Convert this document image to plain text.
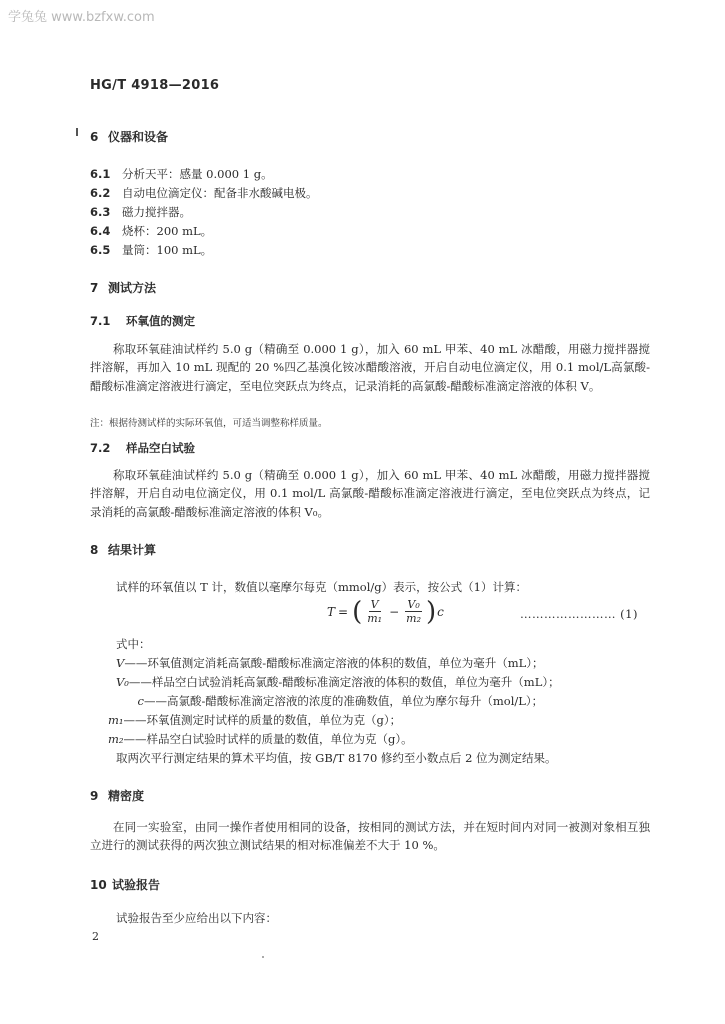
学兔兔 www.bzfxw.com
HG/T 4918—2016
6 仪器和设备
6.1 分析天平：感量 0.000 1 g。
6.2 自动电位滴定仪：配备非水酸碱电极。
6.3 磁力搅拌器。
6.4 烧杯：200 mL。
6.5 量筒：100 mL。
7 测试方法
7.1 环氧值的测定
称取环氧硅油试样约 5.0 g（精确至 0.000 1 g），加入 60 mL 甲苯、40 mL 冰醋酸，用磁力搅拌器搅拌溶解，再加入 10 mL 现配的 20 %四乙基溴化铵冰醋酸溶液，开启自动电位滴定仪，用 0.1 mol/L高氯酸-醋酸标准滴定溶液进行滴定，至电位突跃点为终点，记录消耗的高氯酸-醋酸标准滴定溶液的体积 V。
注：根据待测试样的实际环氧值，可适当调整称样质量。
7.2 样品空白试验
称取环氧硅油试样约 5.0 g（精确至 0.000 1 g），加入 60 mL 甲苯、40 mL 冰醋酸，用磁力搅拌器搅拌溶解，开启自动电位滴定仪，用 0.1 mol/L 高氯酸-醋酸标准滴定溶液进行滴定，至电位突跃点为终点，记录消耗的高氯酸-醋酸标准滴定溶液的体积 V₀。
8 结果计算
试样的环氧值以 T 计，数值以毫摩尔每克（mmol/g）表示，按公式（1）计算：
T = ( $\frac{V}{\text{m₁}} - \frac{\text{V₀}}{\text{m₂}}$ ) c	…………………… (1)
式中：
V——环氧值测定消耗高氯酸-醋酸标准滴定溶液的体积的数值，单位为毫升（mL）；
V₀——样品空白试验消耗高氯酸-醋酸标准滴定溶液的体积的数值，单位为毫升（mL）；
c——高氯酸-醋酸标准滴定溶液的浓度的准确数值，单位为摩尔每升（mol/L）；
m₁——环氧值测定时试样的质量的数值，单位为克（g）；
m₂——样品空白试验时试样的质量的数值，单位为克（g）。
取两次平行测定结果的算术平均值，按 GB/T 8170 修约至小数点后 2 位为测定结果。
9 精密度
在同一实验室，由同一操作者使用相同的设备，按相同的测试方法，并在短时间内对同一被测对象相互独立进行的测试获得的两次独立测试结果的相对标准偏差不大于 10 %。
10 试验报告
试验报告至少应给出以下内容：
2
